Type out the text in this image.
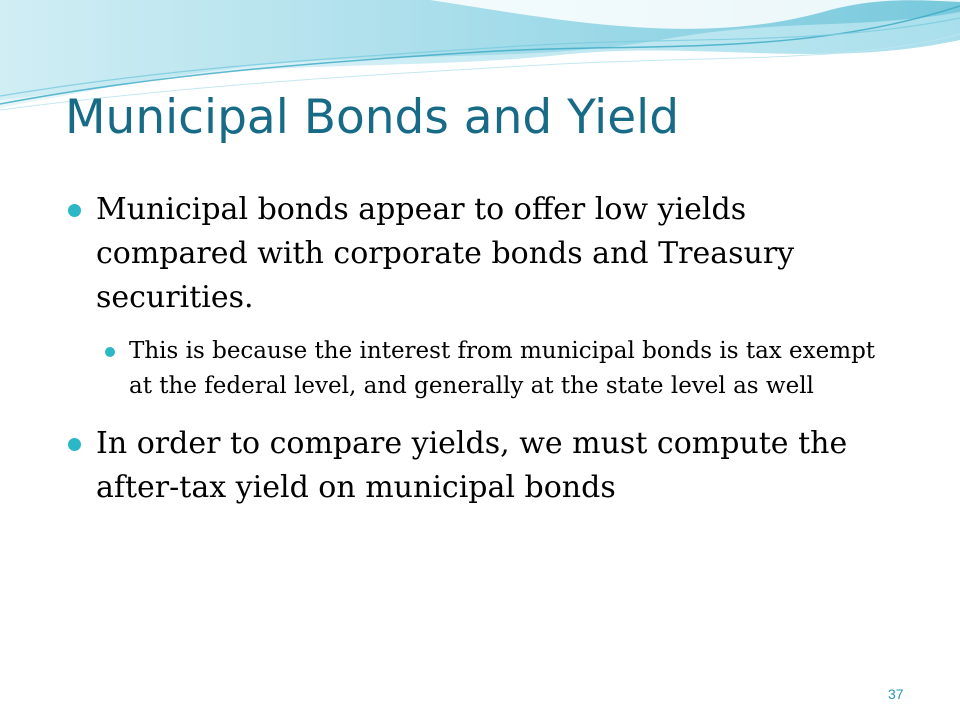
Municipal Bonds and Yield
Municipal bonds appear to offer low yields compared with corporate bonds and Treasury securities.
This is because the interest from municipal bonds is tax exempt at the federal level, and generally at the state level as well
In order to compare yields, we must compute the after-tax yield on municipal bonds
37
